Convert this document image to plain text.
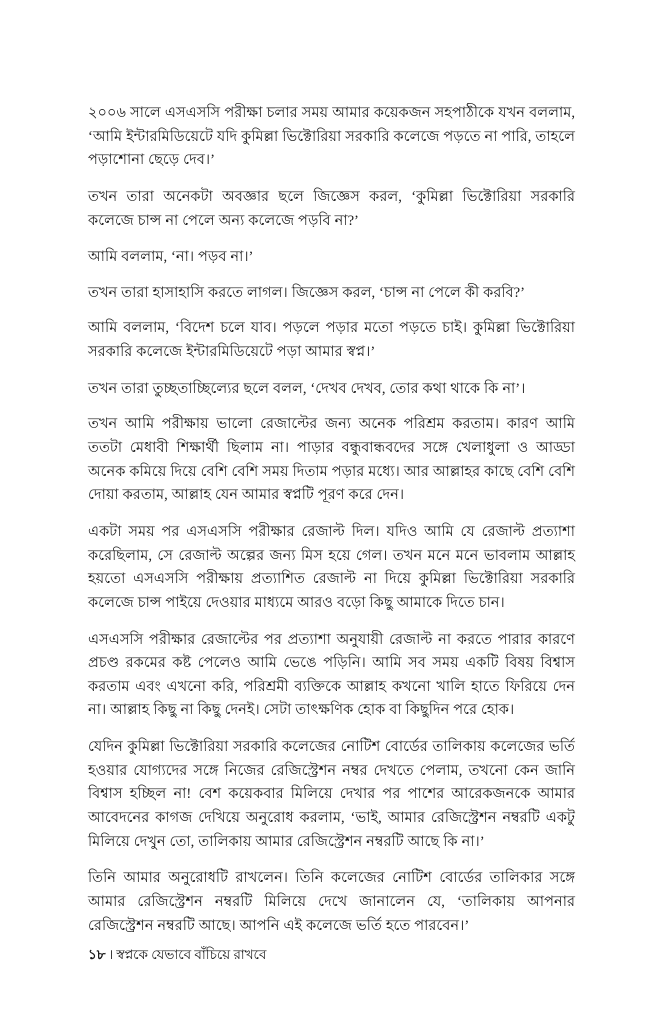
২০০৬ সালে এসএসসি পরীক্ষা চলার সময় আমার কয়েকজন সহপাঠীকে যখন বললাম, ‘আমি ইন্টারমিডিয়েটে যদি কুমিল্লা ভিক্টোরিয়া সরকারি কলেজে পড়তে না পারি, তাহলে পড়াশোনা ছেড়ে দেব।’

তখন তারা অনেকটা অবজ্ঞার ছলে জিজ্ঞেস করল, ‘কুমিল্লা ভিক্টোরিয়া সরকারি কলেজে চান্স না পেলে অন্য কলেজে পড়বি না?’

আমি বললাম, ‘না। পড়ব না।’

তখন তারা হাসাহাসি করতে লাগল। জিজ্ঞেস করল, ‘চান্স না পেলে কী করবি?’

আমি বললাম, ‘বিদেশ চলে যাব। পড়লে পড়ার মতো পড়তে চাই। কুমিল্লা ভিক্টোরিয়া সরকারি কলেজে ইন্টারমিডিয়েটে পড়া আমার স্বপ্ন।’

তখন তারা তুচ্ছতাচ্ছিল্যের ছলে বলল, ‘দেখব দেখব, তোর কথা থাকে কি না’।

তখন আমি পরীক্ষায় ভালো রেজাল্টের জন্য অনেক পরিশ্রম করতাম। কারণ আমি ততটা মেধাবী শিক্ষার্থী ছিলাম না। পাড়ার বন্ধুবান্ধবদের সঙ্গে খেলাধুলা ও আড্ডা অনেক কমিয়ে দিয়ে বেশি বেশি সময় দিতাম পড়ার মধ্যে। আর আল্লাহর কাছে বেশি বেশি দোয়া করতাম, আল্লাহ যেন আমার স্বপ্নটি পূরণ করে দেন।

একটা সময় পর এসএসসি পরীক্ষার রেজাল্ট দিল। যদিও আমি যে রেজাল্ট প্রত্যাশা করেছিলাম, সে রেজাল্ট অল্পের জন্য মিস হয়ে গেল। তখন মনে মনে ভাবলাম আল্লাহ হয়তো এসএসসি পরীক্ষায় প্রত্যাশিত রেজাল্ট না দিয়ে কুমিল্লা ভিক্টোরিয়া সরকারি কলেজে চান্স পাইয়ে দেওয়ার মাধ্যমে আরও বড়ো কিছু আমাকে দিতে চান।

এসএসসি পরীক্ষার রেজাল্টের পর প্রত্যাশা অনুযায়ী রেজাল্ট না করতে পারার কারণে প্রচণ্ড রকমের কষ্ট পেলেও আমি ভেঙে পড়িনি। আমি সব সময় একটি বিষয় বিশ্বাস করতাম এবং এখনো করি, পরিশ্রমী ব্যক্তিকে আল্লাহ কখনো খালি হাতে ফিরিয়ে দেন না। আল্লাহ কিছু না কিছু দেনই। সেটা তাৎক্ষণিক হোক বা কিছুদিন পরে হোক।

যেদিন কুমিল্লা ভিক্টোরিয়া সরকারি কলেজের নোটিশ বোর্ডের তালিকায় কলেজের ভর্তি হওয়ার যোগ্যদের সঙ্গে নিজের রেজিস্ট্রেশন নম্বর দেখতে পেলাম, তখনো কেন জানি বিশ্বাস হচ্ছিল না! বেশ কয়েকবার মিলিয়ে দেখার পর পাশের আরেকজনকে আমার আবেদনের কাগজ দেখিয়ে অনুরোধ করলাম, ‘ভাই, আমার রেজিস্ট্রেশন নম্বরটি একটু মিলিয়ে দেখুন তো, তালিকায় আমার রেজিস্ট্রেশন নম্বরটি আছে কি না।’

তিনি আমার অনুরোধটি রাখলেন। তিনি কলেজের নোটিশ বোর্ডের তালিকার সঙ্গে আমার রেজিস্ট্রেশন নম্বরটি মিলিয়ে দেখে জানালেন যে, ‘তালিকায় আপনার রেজিস্ট্রেশন নম্বরটি আছে। আপনি এই কলেজে ভর্তি হতে পারবেন।’

১৮ । স্বপ্নকে যেভাবে বাঁচিয়ে রাখবে
